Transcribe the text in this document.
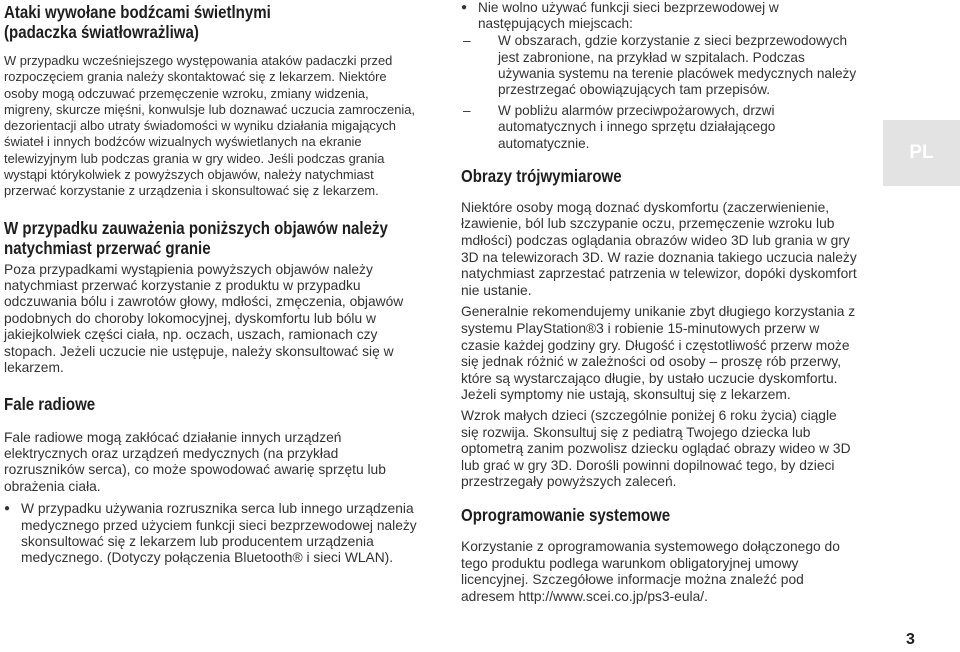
Ataki wywołane bodźcami świetlnymi
(padaczka światłowrażliwa)

W przypadku wcześniejszego występowania ataków padaczki przed rozpoczęciem grania należy skontaktować się z lekarzem. Niektóre osoby mogą odczuwać przemęczenie wzroku, zmiany widzenia, migreny, skurcze mięśni, konwulsje lub doznawać uczucia zamroczenia, dezorientacji albo utraty świadomości w wyniku działania migających świateł i innych bodźców wizualnych wyświetlanych na ekranie telewizyjnym lub podczas grania w gry wideo. Jeśli podczas grania wystąpi którykolwiek z powyższych objawów, należy natychmiast przerwać korzystanie z urządzenia i skonsultować się z lekarzem.

W przypadku zauważenia poniższych objawów należy
natychmiast przerwać granie

Poza przypadkami wystąpienia powyższych objawów należy natychmiast przerwać korzystanie z produktu w przypadku odczuwania bólu i zawrotów głowy, mdłości, zmęczenia, objawów podobnych do choroby lokomocyjnej, dyskomfortu lub bólu w jakiejkolwiek części ciała, np. oczach, uszach, ramionach czy stopach. Jeżeli uczucie nie ustępuje, należy skonsultować się w lekarzem.

Fale radiowe

Fale radiowe mogą zakłócać działanie innych urządzeń elektrycznych oraz urządzeń medycznych (na przykład rozruszników serca), co może spowodować awarię sprzętu lub obrażenia ciała.

● W przypadku używania rozrusznika serca lub innego urządzenia medycznego przed użyciem funkcji sieci bezprzewodowej należy skonsultować się z lekarzem lub producentem urządzenia medycznego. (Dotyczy połączenia Bluetooth® i sieci WLAN).

● Nie wolno używać funkcji sieci bezprzewodowej w następujących miejscach:

– W obszarach, gdzie korzystanie z sieci bezprzewodowych jest zabronione, na przykład w szpitalach. Podczas używania systemu na terenie placówek medycznych należy przestrzegać obowiązujących tam przepisów.

– W pobliżu alarmów przeciwpożarowych, drzwi automatycznych i innego sprzętu działającego automatycznie.

Obrazy trójwymiarowe

Niektóre osoby mogą doznać dyskomfortu (zaczerwienienie, łzawienie, ból lub szczypanie oczu, przemęczenie wzroku lub mdłości) podczas oglądania obrazów wideo 3D lub grania w gry 3D na telewizorach 3D. W razie doznania takiego uczucia należy natychmiast zaprzestać patrzenia w telewizor, dopóki dyskomfort nie ustanie.

Generalnie rekomendujemy unikanie zbyt długiego korzystania z systemu PlayStation®3 i robienie 15-minutowych przerw w czasie każdej godziny gry. Długość i częstotliwość przerw może się jednak różnić w zależności od osoby – proszę rób przerwy, które są wystarczająco długie, by ustało uczucie dyskomfortu. Jeżeli symptomy nie ustają, skonsultuj się z lekarzem.

Wzrok małych dzieci (szczególnie poniżej 6 roku życia) ciągle się rozwija. Skonsultuj się z pediatrą Twojego dziecka lub optometrą zanim pozwolisz dziecku oglądać obrazy wideo w 3D lub grać w gry 3D. Dorośli powinni dopilnować tego, by dzieci przestrzegały powyższych zaleceń.

Oprogramowanie systemowe

Korzystanie z oprogramowania systemowego dołączonego do tego produktu podlega warunkom obligatoryjnej umowy licencyjnej. Szczegółowe informacje można znaleźć pod adresem http://www.scei.co.jp/ps3-eula/.

PL
3
